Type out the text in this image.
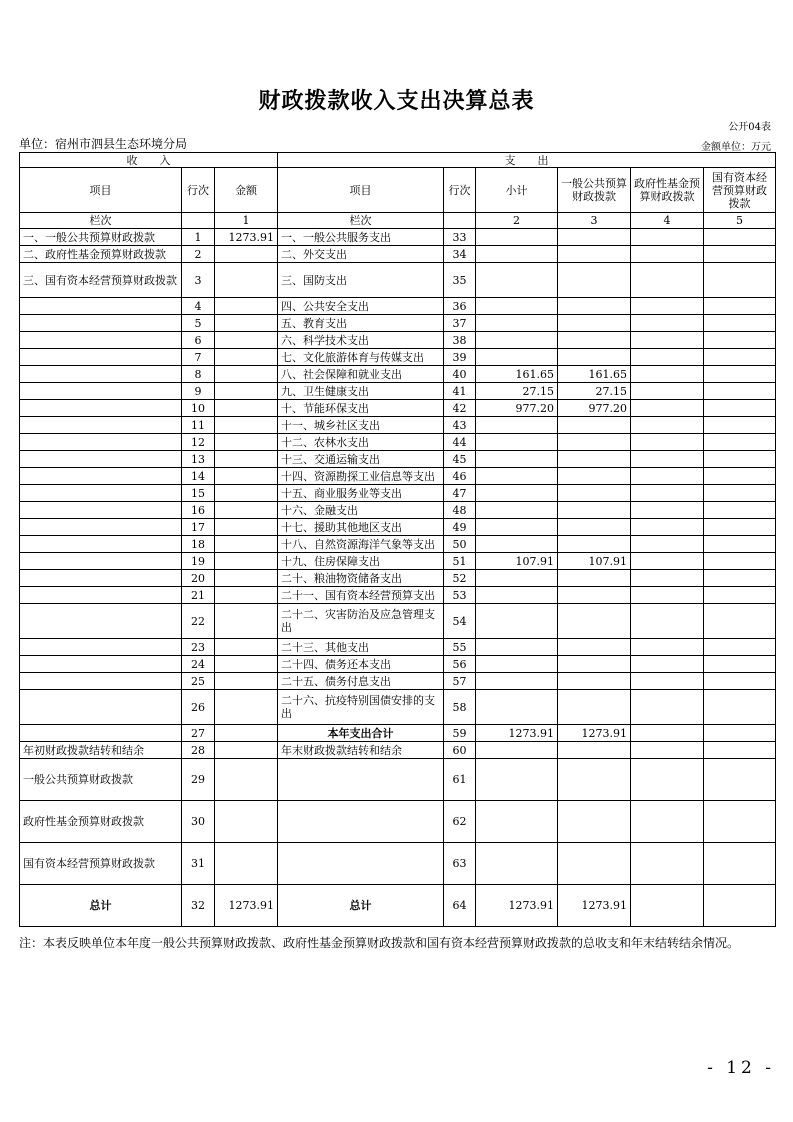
财政拨款收入支出决算总表
公开04表
单位：宿州市泗县生态环境分局	金额单位：万元
收　　入			支　　出					
项目	行次	金额	项目	行次	小计	一般公共预算财政拨款	政府性基金预算财政拨款	国有资本经营预算财政拨款
栏次		1	栏次		2	3	4	5
一、一般公共预算财政拨款	1	1273.91	一、一般公共服务支出	33				
二、政府性基金预算财政拨款	2		二、外交支出	34				
三、国有资本经营预算财政拨款	3		三、国防支出	35				
	4		四、公共安全支出	36				
	5		五、教育支出	37				
	6		六、科学技术支出	38				
	7		七、文化旅游体育与传媒支出	39				
	8		八、社会保障和就业支出	40	161.65	161.65		
	9		九、卫生健康支出	41	27.15	27.15		
	10		十、节能环保支出	42	977.20	977.20		
	11		十一、城乡社区支出	43				
	12		十二、农林水支出	44				
	13		十三、交通运输支出	45				
	14		十四、资源勘探工业信息等支出	46				
	15		十五、商业服务业等支出	47				
	16		十六、金融支出	48				
	17		十七、援助其他地区支出	49				
	18		十八、自然资源海洋气象等支出	50				
	19		十九、住房保障支出	51	107.91	107.91		
	20		二十、粮油物资储备支出	52				
	21		二十一、国有资本经营预算支出	53				
	22		二十二、灾害防治及应急管理支出	54				
	23		二十三、其他支出	55				
	24		二十四、债务还本支出	56				
	25		二十五、债务付息支出	57				
	26		二十六、抗疫特别国债安排的支出	58				
	27		本年支出合计	59	1273.91	1273.91		
年初财政拨款结转和结余	28		年末财政拨款结转和结余	60				
一般公共预算财政拨款	29			61				
政府性基金预算财政拨款	30			62				
国有资本经营预算财政拨款	31			63				
总计	32	1273.91	总计	64	1273.91	1273.91		
注：本表反映单位本年度一般公共预算财政拨款、政府性基金预算财政拨款和国有资本经营预算财政拨款的总收支和年末结转结余情况。
- 12 -
